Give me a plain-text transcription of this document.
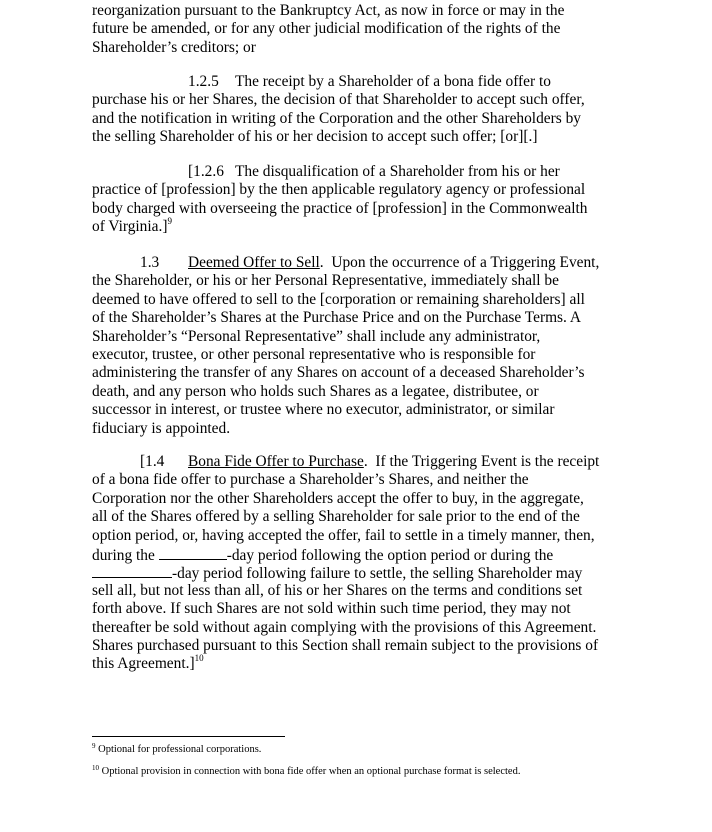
reorganization pursuant to the Bankruptcy Act, as now in force or may in the
future be amended, or for any other judicial modification of the rights of the
Shareholder’s creditors; or
1.2.5 The receipt by a Shareholder of a bona fide offer to
purchase his or her Shares, the decision of that Shareholder to accept such offer,
and the notification in writing of the Corporation and the other Shareholders by
the selling Shareholder of his or her decision to accept such offer; [or][.]
[1.2.6 The disqualification of a Shareholder from his or her
practice of [profession] by the then applicable regulatory agency or professional
body charged with overseeing the practice of [profession] in the Commonwealth
of Virginia.]$^9$
1.3 Deemed Offer to Sell.  Upon the occurrence of a Triggering Event,
the Shareholder, or his or her Personal Representative, immediately shall be
deemed to have offered to sell to the [corporation or remaining shareholders] all
of the Shareholder’s Shares at the Purchase Price and on the Purchase Terms. A
Shareholder’s “Personal Representative” shall include any administrator,
executor, trustee, or other personal representative who is responsible for
administering the transfer of any Shares on account of a deceased Shareholder’s
death, and any person who holds such Shares as a legatee, distributee, or
successor in interest, or trustee where no executor, administrator, or similar
fiduciary is appointed.
[1.4 Bona Fide Offer to Purchase.  If the Triggering Event is the receipt
of a bona fide offer to purchase a Shareholder’s Shares, and neither the
Corporation nor the other Shareholders accept the offer to buy, in the aggregate,
all of the Shares offered by a selling Shareholder for sale prior to the end of the
option period, or, having accepted the offer, fail to settle in a timely manner, then,
during the	-day period following the option period or during the
-day period following failure to settle, the selling Shareholder may
sell all, but not less than all, of his or her Shares on the terms and conditions set
forth above. If such Shares are not sold within such time period, they may not
thereafter be sold without again complying with the provisions of this Agreement.
Shares purchased pursuant to this Section shall remain subject to the provisions of
this Agreement.]$^{10}$
$^9$ Optional for professional corporations.
$^{10}$ Optional provision in connection with bona fide offer when an optional purchase format is selected.
